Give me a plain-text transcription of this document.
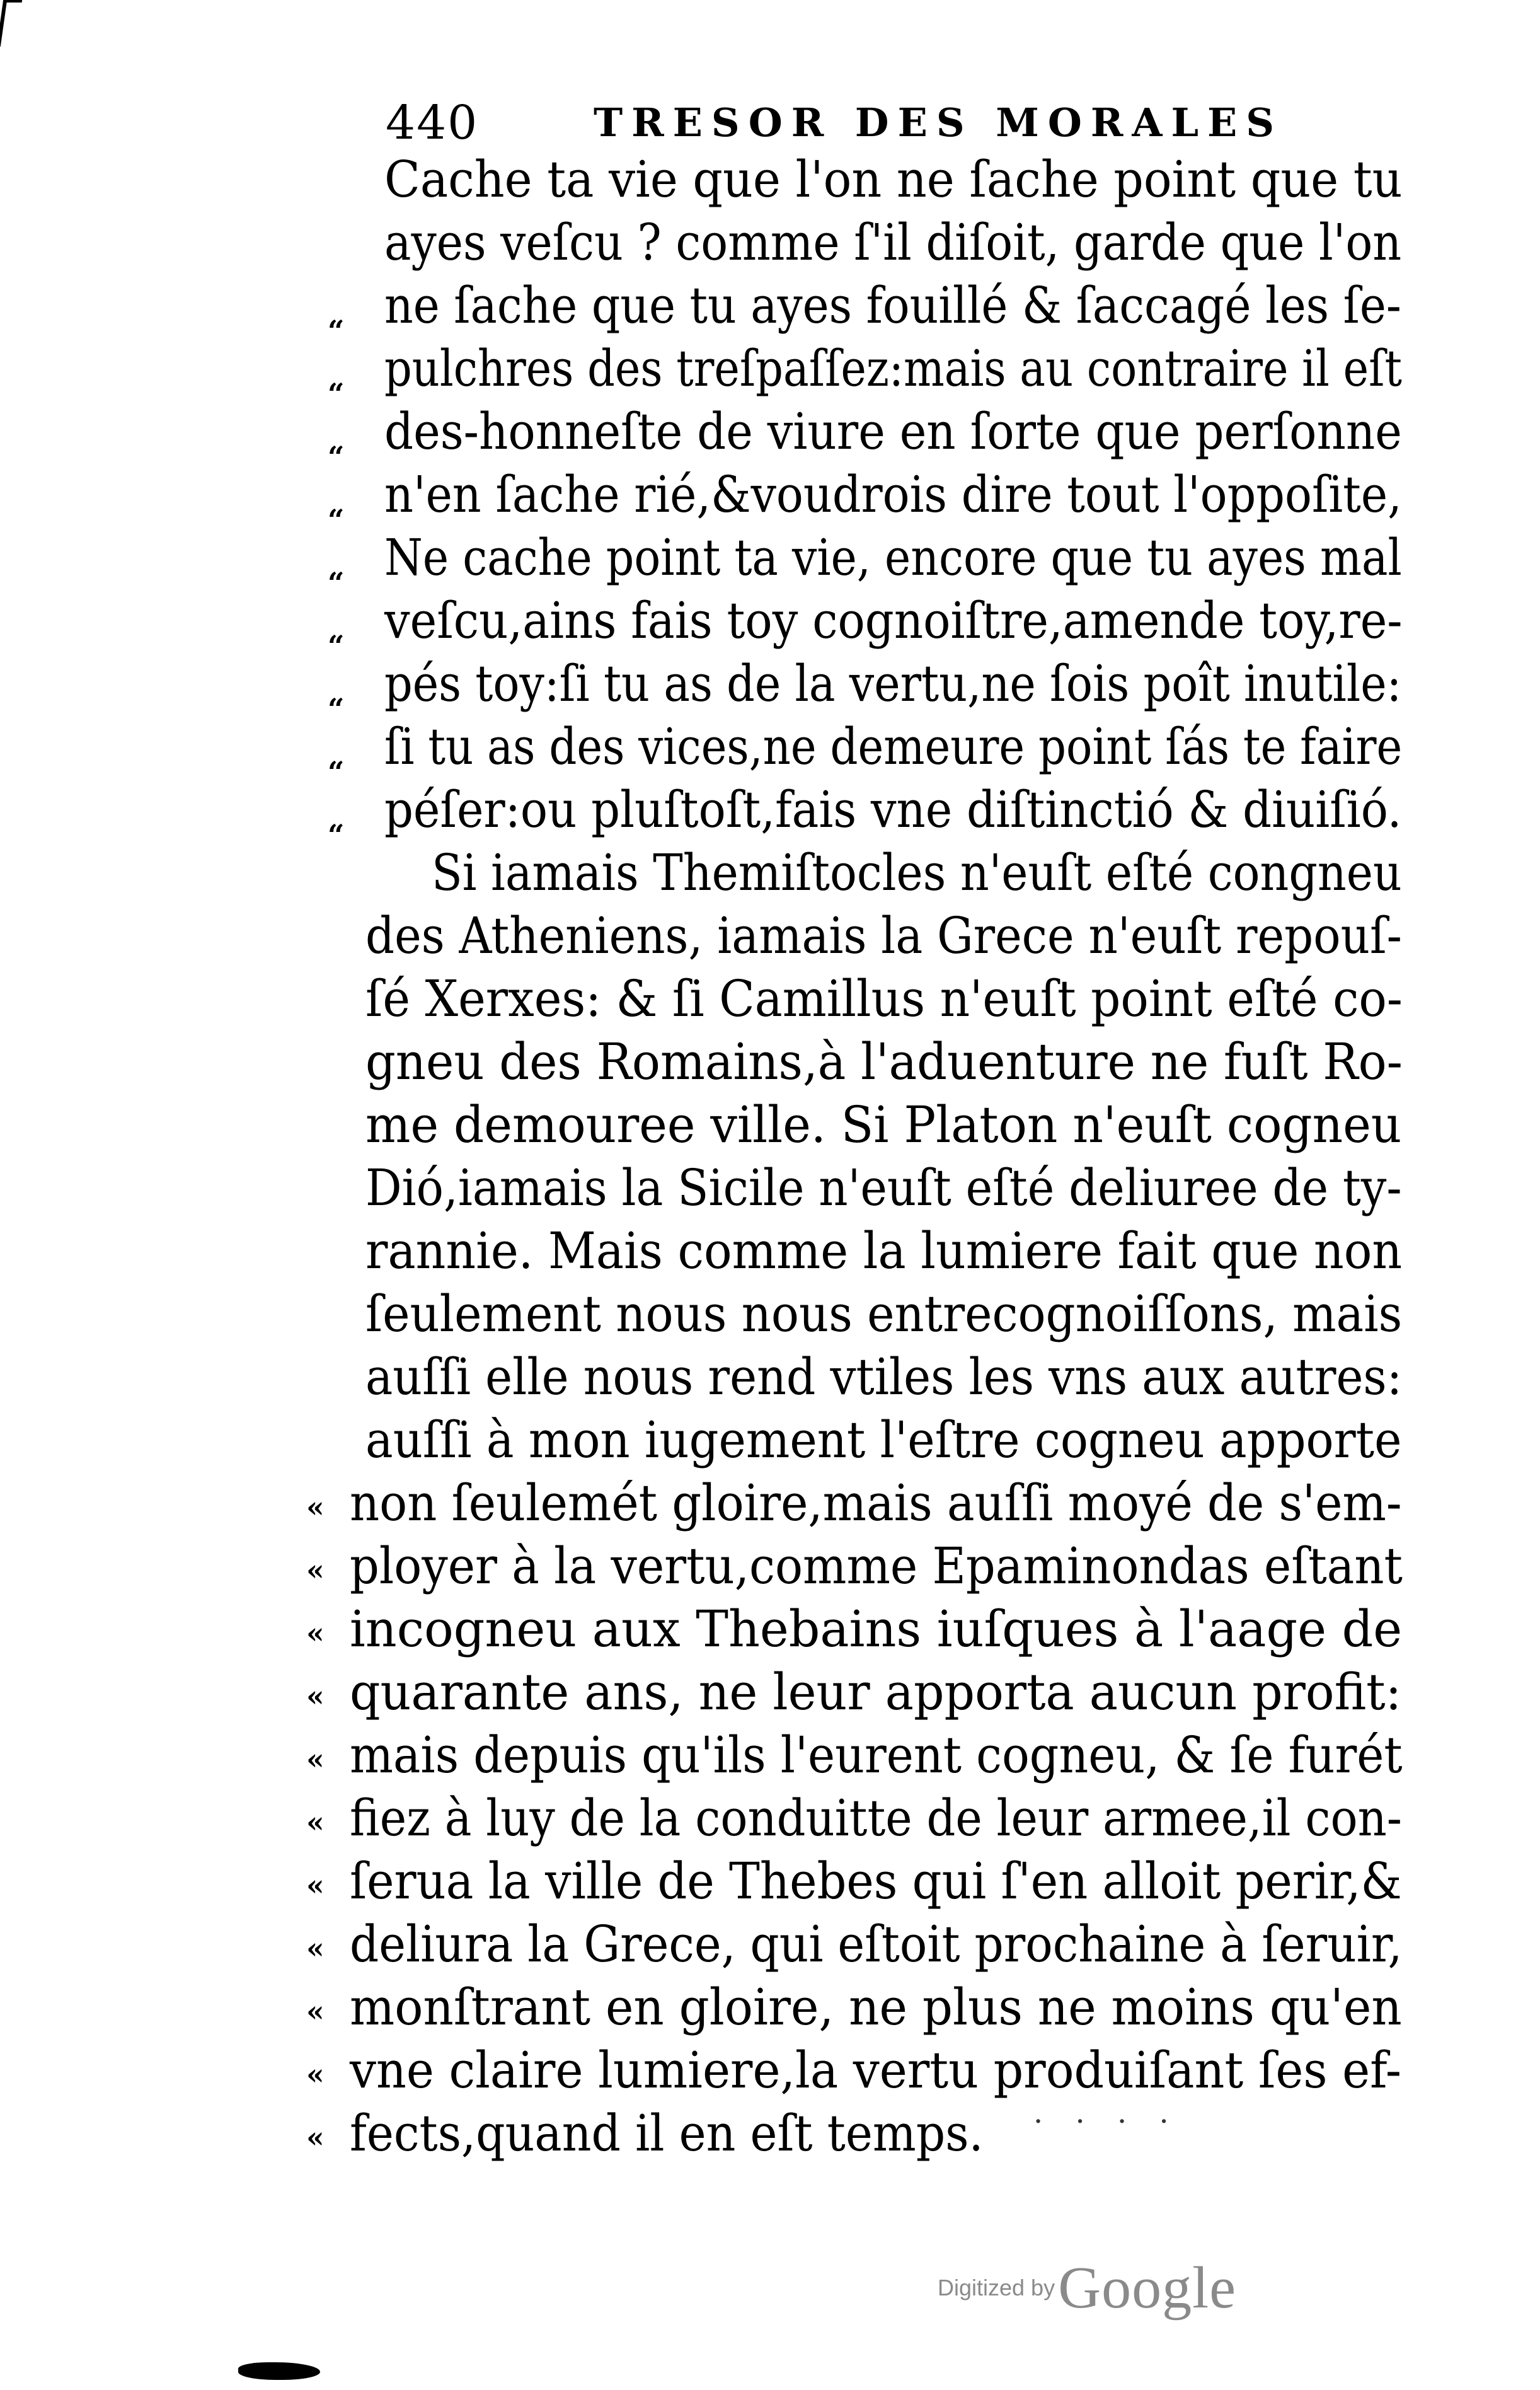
440	TRESOR DES MORALES
Cache ta vie que l'on ne ſache point que tu
ayes veſcu ? comme ſ'il diſoit, garde que l'on
ne ſache que tu ayes fouillé & ſaccagé les ſe-
pulchres des treſpaſſez:mais au contraire il eſt
des-honneſte de viure en ſorte que perſonne
n'en ſache rié,&voudrois dire tout l'oppoſite,
Ne cache point ta vie, encore que tu ayes mal
veſcu,ains fais toy cognoiſtre,amende toy,re-
pés toy:ſi tu as de la vertu,ne ſois poît inutile:
ſi tu as des vices,ne demeure point ſás te faire
péſer:ou pluſtoſt,fais vne diſtinctió & diuiſió.
Si iamais Themiſtocles n'euſt eſté congneu
des Atheniens, iamais la Grece n'euſt repouſ-
ſé Xerxes: & ſi Camillus n'euſt point eſté co-
gneu des Romains,à l'aduenture ne fuſt Ro-
me demouree ville. Si Platon n'euſt cogneu
Dió,iamais la Sicile n'euſt eſté deliuree de ty-
rannie. Mais comme la lumiere fait que non
ſeulement nous nous entrecognoiſſons, mais
auſſi elle nous rend vtiles les vns aux autres:
auſſi à mon iugement l'eſtre cogneu apporte
non ſeulemét gloire,mais auſſi moyé de s'em-
ployer à la vertu,comme Epaminondas eſtant
incogneu aux Thebains iuſques à l'aage de
quarante ans, ne leur apporta aucun profit:
mais depuis qu'ils l'eurent cogneu, & ſe furét
fiez à luy de la conduitte de leur armee,il con-
ſerua la ville de Thebes qui ſ'en alloit perir,&
deliura la Grece, qui eſtoit prochaine à ſeruir,
monſtrant en gloire, ne plus ne moins qu'en
vne claire lumiere,la vertu produiſant ſes ef-
fects,quand il en eſt temps.
“
“
“
“
“
“
“
“
“
«
«
«
«
«
«
«
«
«
«
«	· · · ·
Digitized by Google
